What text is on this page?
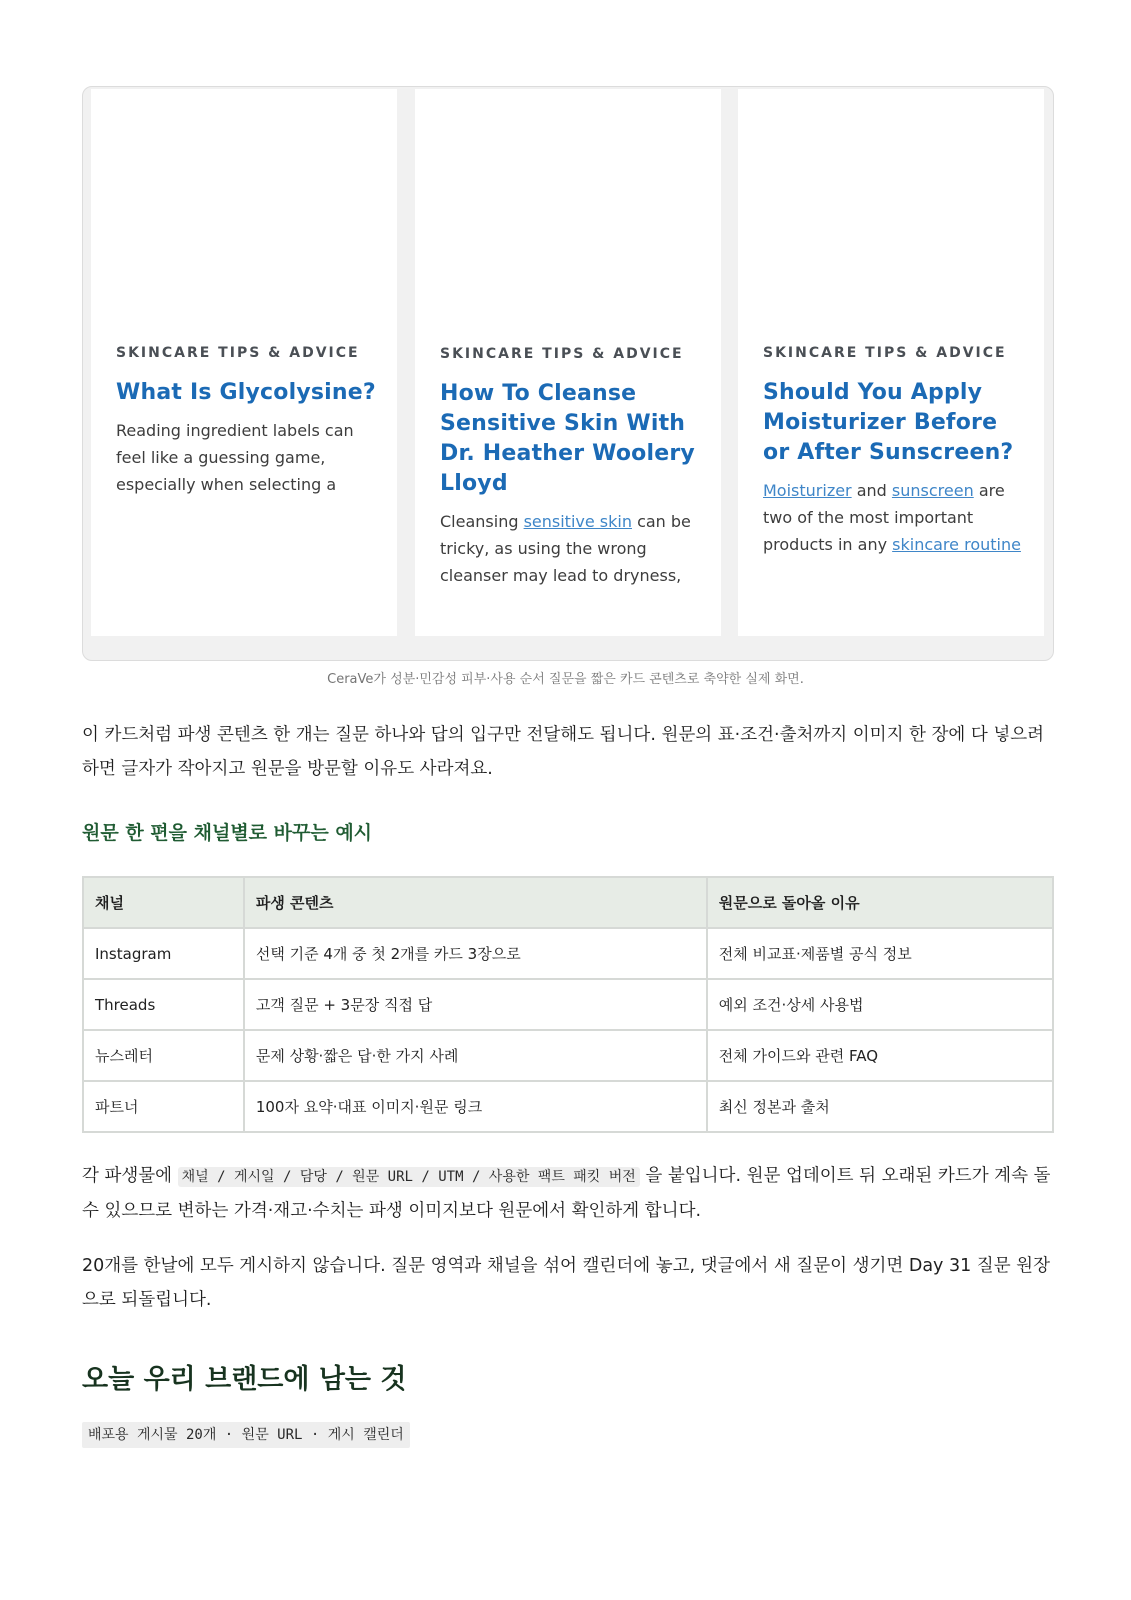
SKINCARE TIPS & ADVICE
What Is Glycolysine?
Reading ingredient labels can feel like a guessing game, especially when selecting a
SKINCARE TIPS & ADVICE
How To Cleanse Sensitive Skin With Dr. Heather Woolery Lloyd
Cleansing sensitive skin can be tricky, as using the wrong cleanser may lead to dryness,
SKINCARE TIPS & ADVICE
Should You Apply Moisturizer Before or After Sunscreen?
Moisturizer and sunscreen are two of the most important products in any skincare routine
CeraVe가 성분·민감성 피부·사용 순서 질문을 짧은 카드 콘텐츠로 축약한 실제 화면.

이 카드처럼 파생 콘텐츠 한 개는 질문 하나와 답의 입구만 전달해도 됩니다. 원문의 표·조건·출처까지 이미지 한 장에 다 넣으려 하면 글자가 작아지고 원문을 방문할 이유도 사라져요.

원문 한 편을 채널별로 바꾸는 예시
채널	파생 콘텐츠	원문으로 돌아올 이유
Instagram	선택 기준 4개 중 첫 2개를 카드 3장으로	전체 비교표·제품별 공식 정보
Threads	고객 질문 + 3문장 직접 답	예외 조건·상세 사용법
뉴스레터	문제 상황·짧은 답·한 가지 사례	전체 가이드와 관련 FAQ
파트너	100자 요약·대표 이미지·원문 링크	최신 정본과 출처

각 파생물에 채널 / 게시일 / 담당 / 원문 URL / UTM / 사용한 팩트 패킷 버전 을 붙입니다. 원문 업데이트 뒤 오래된 카드가 계속 돌 수 있으므로 변하는 가격·재고·수치는 파생 이미지보다 원문에서 확인하게 합니다.

20개를 한날에 모두 게시하지 않습니다. 질문 영역과 채널을 섞어 캘린더에 놓고, 댓글에서 새 질문이 생기면 Day 31 질문 원장으로 되돌립니다.

오늘 우리 브랜드에 남는 것
배포용 게시물 20개 · 원문 URL · 게시 캘린더
